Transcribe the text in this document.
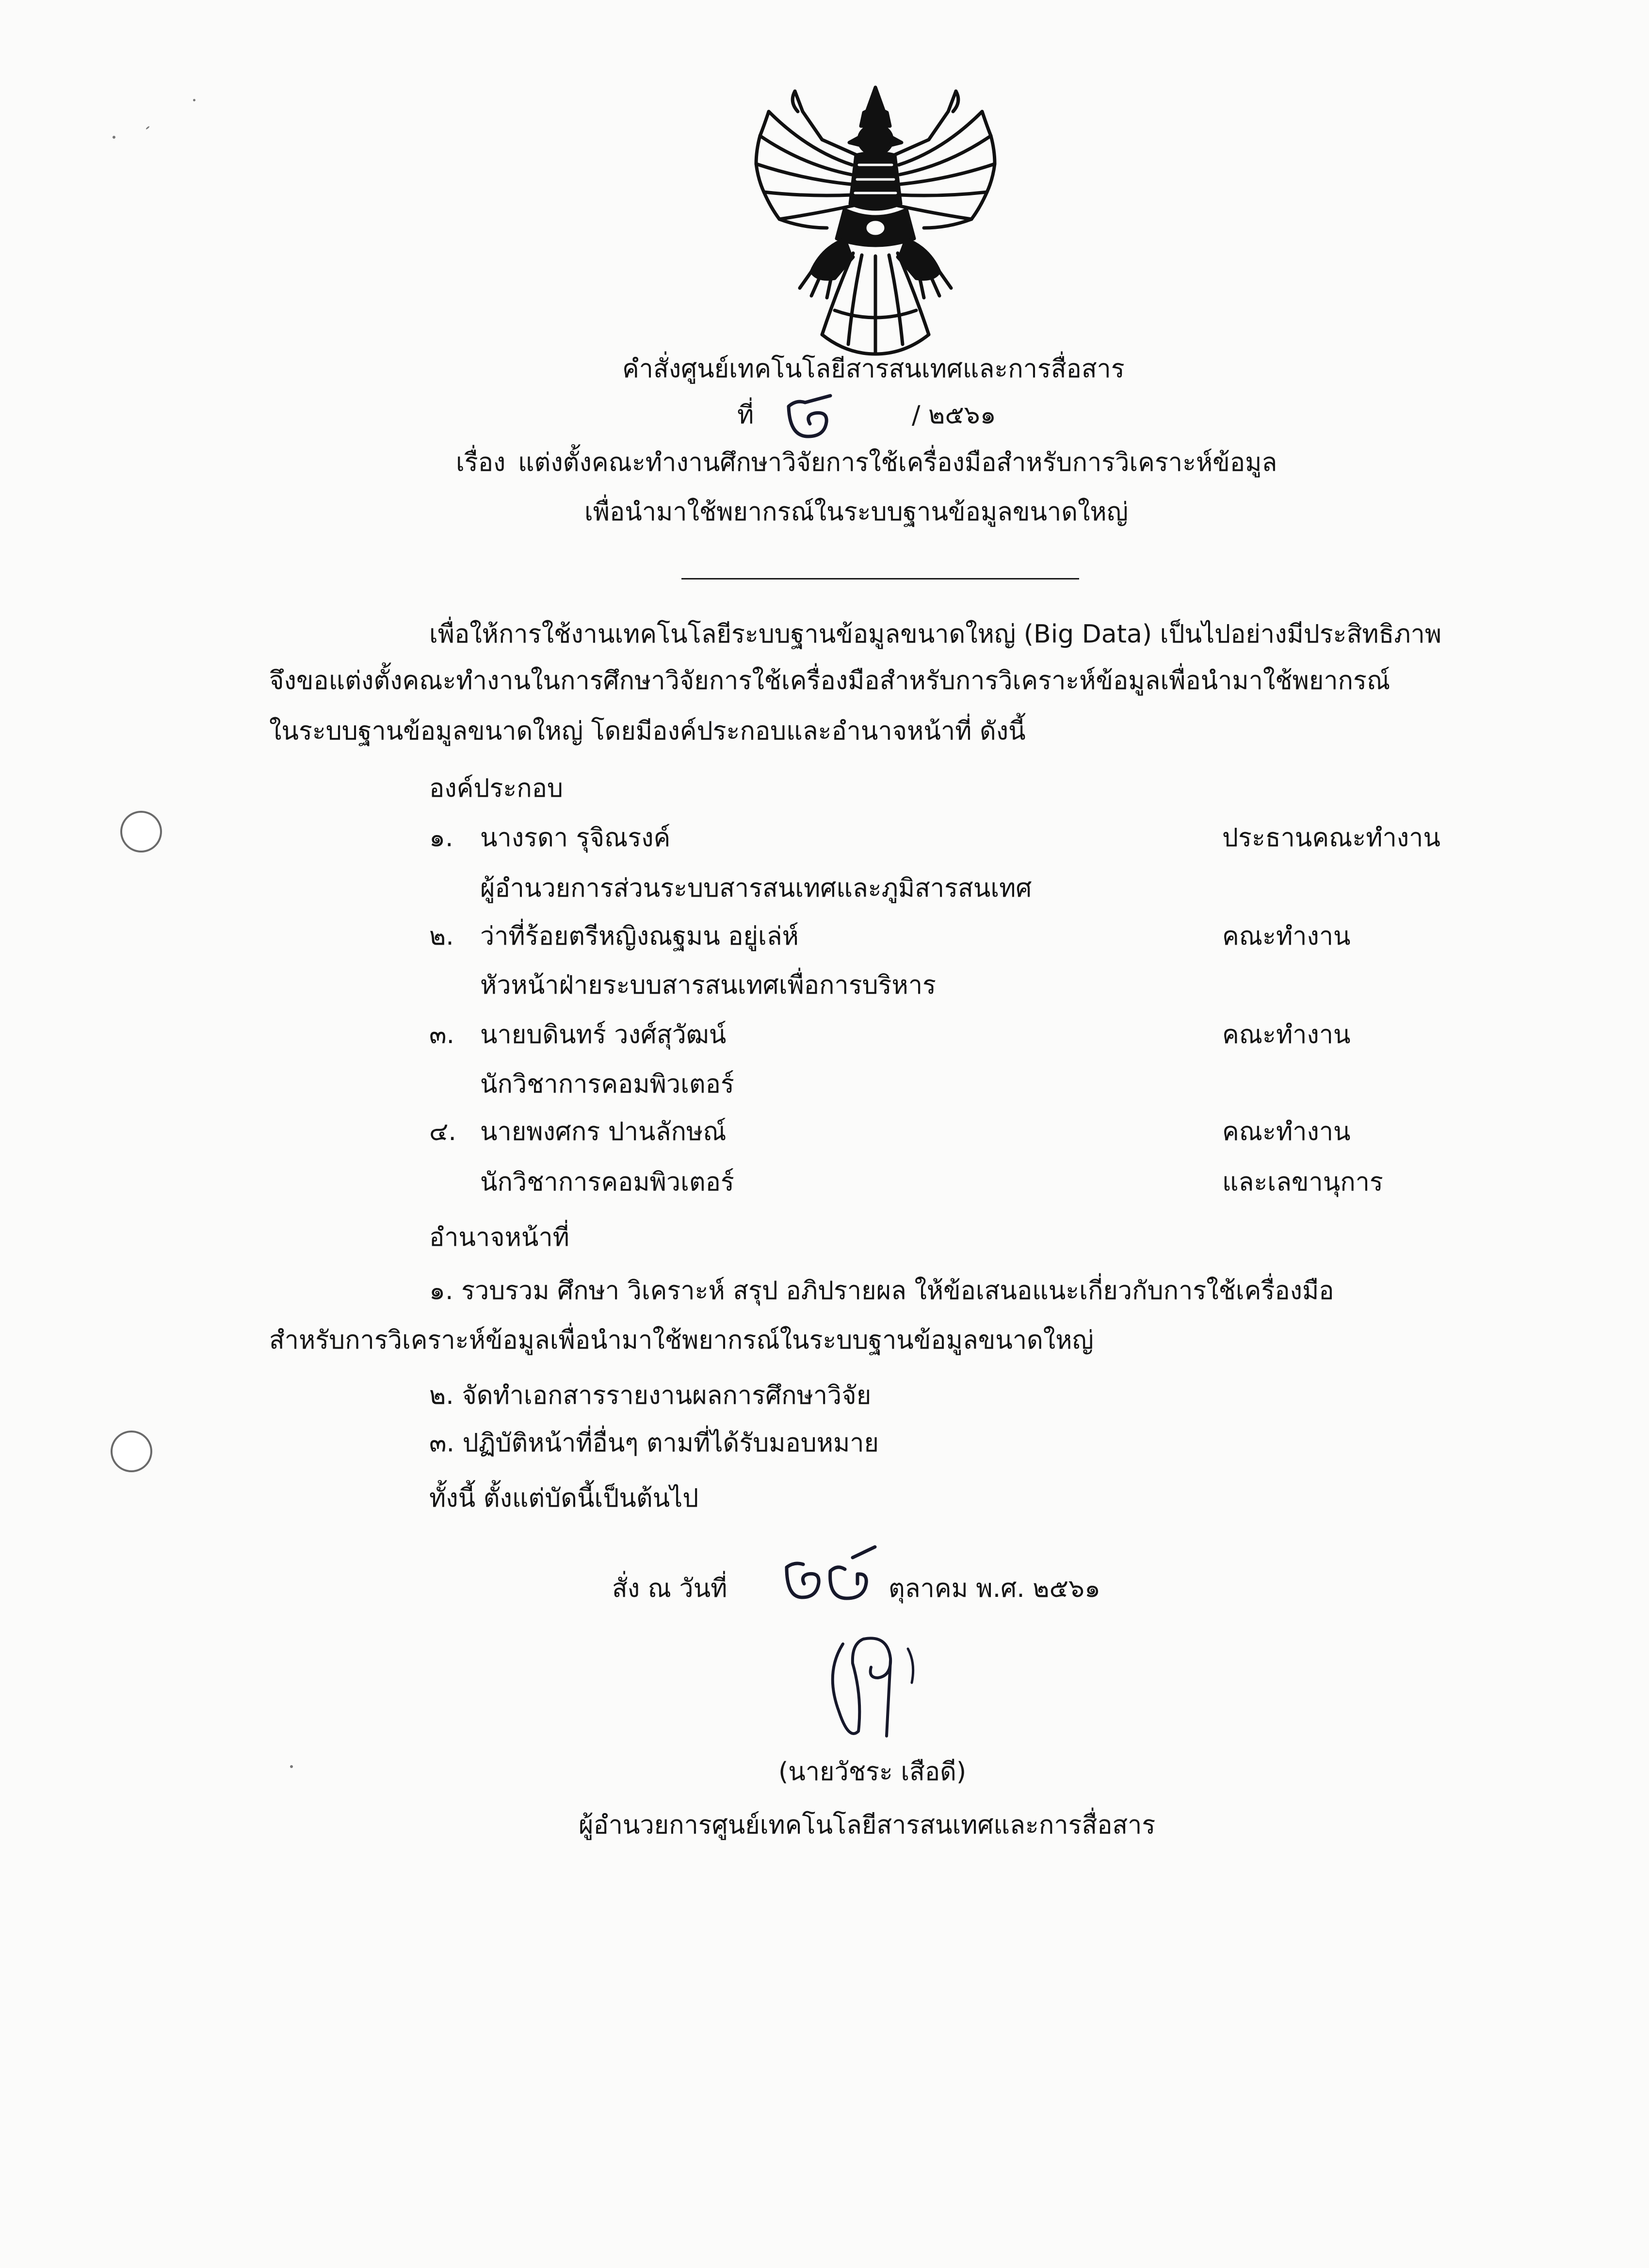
คำสั่งศูนย์เทคโนโลยีสารสนเทศและการสื่อสาร
ที่	/ ๒๕๖๑
เรื่อง แต่งตั้งคณะทำงานศึกษาวิจัยการใช้เครื่องมือสำหรับการวิเคราะห์ข้อมูล
เพื่อนำมาใช้พยากรณ์ในระบบฐานข้อมูลขนาดใหญ่
เพื่อให้การใช้งานเทคโนโลยีระบบฐานข้อมูลขนาดใหญ่ (Big Data) เป็นไปอย่างมีประสิทธิภาพ
จึงขอแต่งตั้งคณะทำงานในการศึกษาวิจัยการใช้เครื่องมือสำหรับการวิเคราะห์ข้อมูลเพื่อนำมาใช้พยากรณ์
ในระบบฐานข้อมูลขนาดใหญ่ โดยมีองค์ประกอบและอำนาจหน้าที่ ดังนี้
องค์ประกอบ
๑. นางรดา รุจิณรงค์
ผู้อำนวยการส่วนระบบสารสนเทศและภูมิสารสนเทศ
ประธานคณะทำงาน
๒. ว่าที่ร้อยตรีหญิงณฐมน อยู่เล่ห์
หัวหน้าฝ่ายระบบสารสนเทศเพื่อการบริหาร
คณะทำงาน
๓. นายบดินทร์ วงศ์สุวัฒน์
นักวิชาการคอมพิวเตอร์
คณะทำงาน
๔. นายพงศกร ปานลักษณ์
นักวิชาการคอมพิวเตอร์
คณะทำงาน
และเลขานุการ
อำนาจหน้าที่
๑. รวบรวม ศึกษา วิเคราะห์ สรุป อภิปรายผล ให้ข้อเสนอแนะเกี่ยวกับการใช้เครื่องมือ
สำหรับการวิเคราะห์ข้อมูลเพื่อนำมาใช้พยากรณ์ในระบบฐานข้อมูลขนาดใหญ่
๒. จัดทำเอกสารรายงานผลการศึกษาวิจัย
๓. ปฏิบัติหน้าที่อื่นๆ ตามที่ได้รับมอบหมาย
ทั้งนี้ ตั้งแต่บัดนี้เป็นต้นไป
สั่ง ณ วันที่	ตุลาคม พ.ศ. ๒๕๖๑
(นายวัชระ เสือดี)
ผู้อำนวยการศูนย์เทคโนโลยีสารสนเทศและการสื่อสาร
